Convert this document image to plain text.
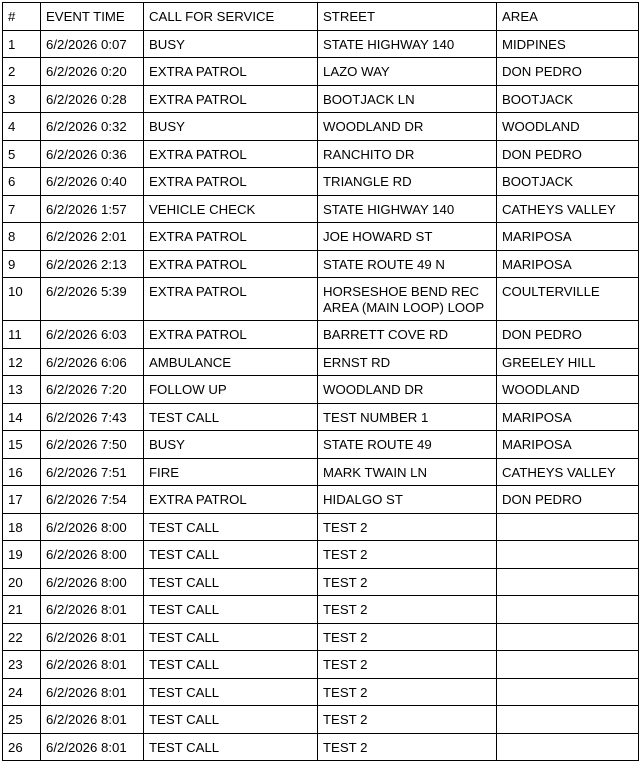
#	EVENT TIME	CALL FOR SERVICE	STREET	AREA
1	6/2/2026 0:07	BUSY	STATE HIGHWAY 140	MIDPINES
2	6/2/2026 0:20	EXTRA PATROL	LAZO WAY	DON PEDRO
3	6/2/2026 0:28	EXTRA PATROL	BOOTJACK LN	BOOTJACK
4	6/2/2026 0:32	BUSY	WOODLAND DR	WOODLAND
5	6/2/2026 0:36	EXTRA PATROL	RANCHITO DR	DON PEDRO
6	6/2/2026 0:40	EXTRA PATROL	TRIANGLE RD	BOOTJACK
7	6/2/2026 1:57	VEHICLE CHECK	STATE HIGHWAY 140	CATHEYS VALLEY
8	6/2/2026 2:01	EXTRA PATROL	JOE HOWARD ST	MARIPOSA
9	6/2/2026 2:13	EXTRA PATROL	STATE ROUTE 49 N	MARIPOSA
10	6/2/2026 5:39	EXTRA PATROL	HORSESHOE BEND REC AREA (MAIN LOOP) LOOP	COULTERVILLE
11	6/2/2026 6:03	EXTRA PATROL	BARRETT COVE RD	DON PEDRO
12	6/2/2026 6:06	AMBULANCE	ERNST RD	GREELEY HILL
13	6/2/2026 7:20	FOLLOW UP	WOODLAND DR	WOODLAND
14	6/2/2026 7:43	TEST CALL	TEST NUMBER 1	MARIPOSA
15	6/2/2026 7:50	BUSY	STATE ROUTE 49	MARIPOSA
16	6/2/2026 7:51	FIRE	MARK TWAIN LN	CATHEYS VALLEY
17	6/2/2026 7:54	EXTRA PATROL	HIDALGO ST	DON PEDRO
18	6/2/2026 8:00	TEST CALL	TEST 2	
19	6/2/2026 8:00	TEST CALL	TEST 2	
20	6/2/2026 8:00	TEST CALL	TEST 2	
21	6/2/2026 8:01	TEST CALL	TEST 2	
22	6/2/2026 8:01	TEST CALL	TEST 2	
23	6/2/2026 8:01	TEST CALL	TEST 2	
24	6/2/2026 8:01	TEST CALL	TEST 2	
25	6/2/2026 8:01	TEST CALL	TEST 2	
26	6/2/2026 8:01	TEST CALL	TEST 2	
